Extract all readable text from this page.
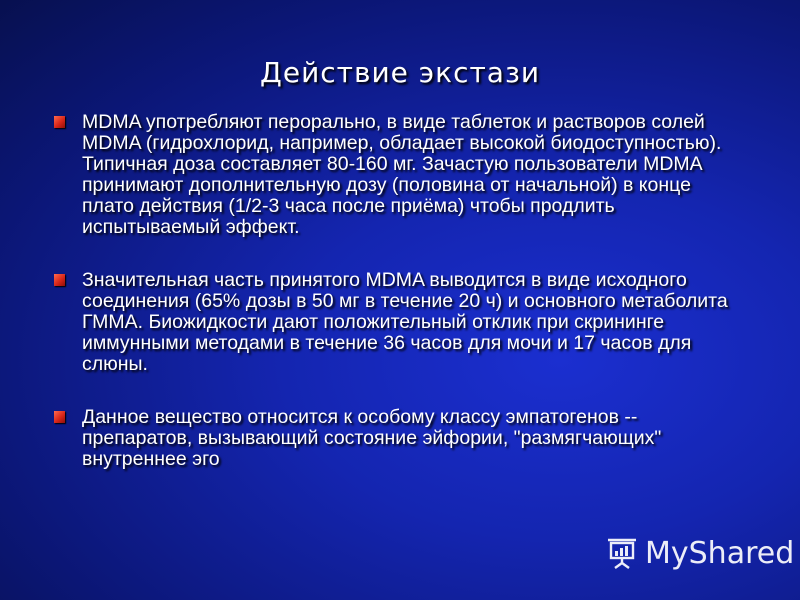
Действие экстази
MDMA употребляют перорально, в виде таблеток и растворов солей MDMA (гидрохлорид, например, обладает высокой биодоступностью). Типичная доза составляет 80-160 мг. Зачастую пользователи MDMA принимают дополнительную дозу (половина от начальной) в конце плато действия (1/2-3 часа после приёма) чтобы продлить испытываемый эффект.
Значительная часть принятого MDMA выводится в виде исходного соединения (65% дозы в 50 мг в течение 20 ч) и основного метаболита ГММА. Биожидкости дают положительный отклик при скрининге иммунными методами в течение 36 часов для мочи и 17 часов для слюны.
Данное вещество относится к особому классу эмпатогенов -- препаратов, вызывающий состояние эйфории, "размягчающих" внутреннее эго
MyShared
